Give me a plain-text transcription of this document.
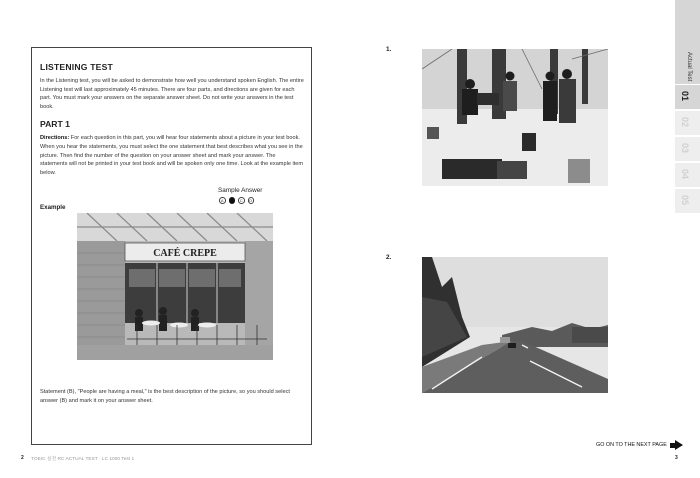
LISTENING TEST

In the Listening test, you will be asked to demonstrate how well you understand spoken English. The entire Listening test will last approximately 45 minutes. There are four parts, and directions are given for each part. You must mark your answers on the separate answer sheet. Do not write your answers in the test book.

PART 1

Directions: For each question in this part, you will hear four statements about a picture in your test book. When you hear the statements, you must select the one statement that best describes what you see in the picture. Then find the number of the question on your answer sheet and mark your answer. The statements will not be printed in your test book and will be spoken only one time. Look at the example item below.

Sample Answer
A	B	C	D
Example
CAFÉ CREPE

Statement (B), "People are having a meal," is the best description of the picture, so you should select answer (B) and mark it on your answer sheet.

1.
2.
Actual Test
01
02
03
04
05
GO ON TO THE NEXT PAGE
2 TOEIC 실전 RC ACTUAL TEST · LC 1000 Test 1	3
